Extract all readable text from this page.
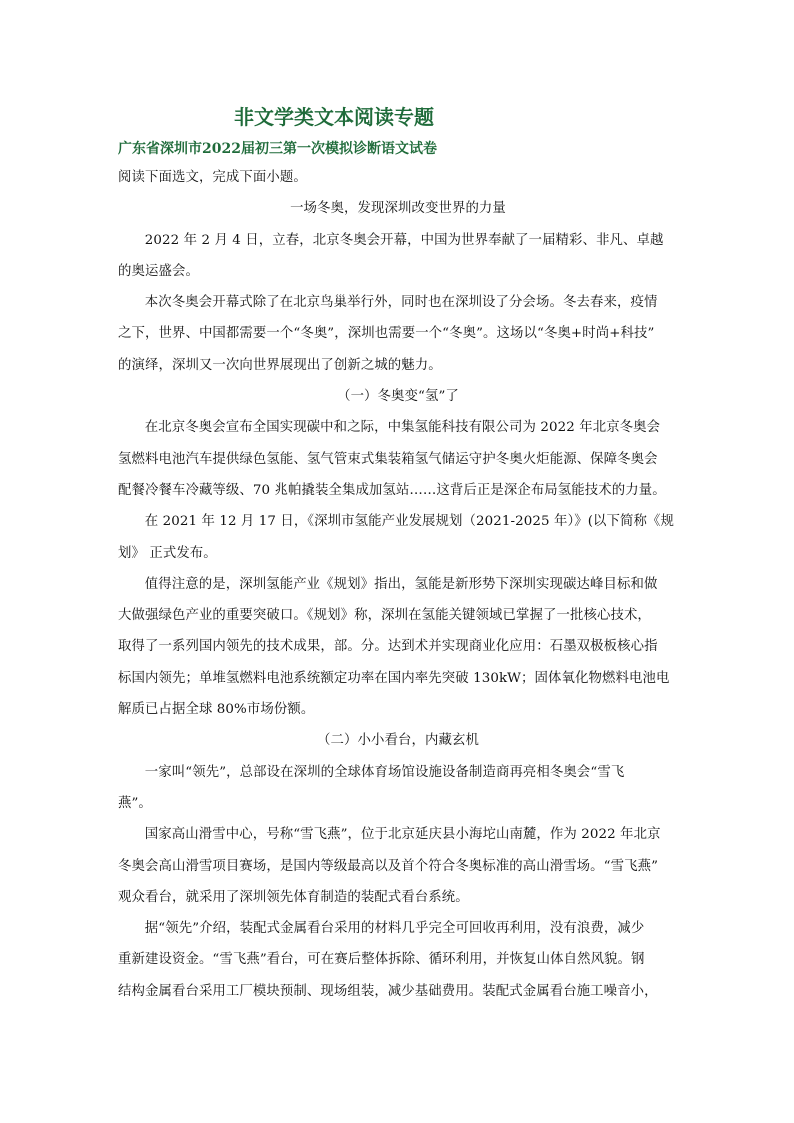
非文学类文本阅读专题
广东省深圳市2022届初三第一次模拟诊断语文试卷
阅读下面选文，完成下面小题。
一场冬奥，发现深圳改变世界的力量
2022 年 2 月 4 日，立春，北京冬奥会开幕，中国为世界奉献了一届精彩、非凡、卓越
的奥运盛会。
本次冬奥会开幕式除了在北京鸟巢举行外，同时也在深圳设了分会场。冬去春来，疫情
之下，世界、中国都需要一个“冬奥”，深圳也需要一个“冬奥”。这场以“冬奥+时尚+科技”
的演绎，深圳又一次向世界展现出了创新之城的魅力。
（一）冬奥变“氢”了
在北京冬奥会宣布全国实现碳中和之际，中集氢能科技有限公司为 2022 年北京冬奥会
氢燃料电池汽车提供绿色氢能、氢气管束式集装箱氢气储运守护冬奥火炬能源、保障冬奥会
配餐冷餐车冷藏等级、70 兆帕撬装全集成加氢站……这背后正是深企布局氢能技术的力量。
在 2021 年 12 月 17 日，《深圳市氢能产业发展规划（2021-2025 年）》(以下简称《规
划》 正式发布。
值得注意的是，深圳氢能产业《规划》指出，氢能是新形势下深圳实现碳达峰目标和做
大做强绿色产业的重要突破口。《规划》称，深圳在氢能关键领域已掌握了一批核心技术，
取得了一系列国内领先的技术成果，部。分。达到术并实现商业化应用：石墨双极板核心指
标国内领先；单堆氢燃料电池系统额定功率在国内率先突破 130kW；固体氧化物燃料电池电
解质已占据全球 80%市场份额。
（二）小小看台，内藏玄机
一家叫“领先”，总部设在深圳的全球体育场馆设施设备制造商再亮相冬奥会“雪飞
燕”。
国家高山滑雪中心，号称“雪飞燕”，位于北京延庆县小海坨山南麓，作为 2022 年北京
冬奥会高山滑雪项目赛场，是国内等级最高以及首个符合冬奥标准的高山滑雪场。“雪飞燕”
观众看台，就采用了深圳领先体育制造的装配式看台系统。
据“领先”介绍，装配式金属看台采用的材料几乎完全可回收再利用，没有浪费，减少
重新建设资金。“雪飞燕”看台，可在赛后整体拆除、循环利用，并恢复山体自然风貌。钢
结构金属看台采用工厂模块预制、现场组装，减少基础费用。装配式金属看台施工噪音小，
